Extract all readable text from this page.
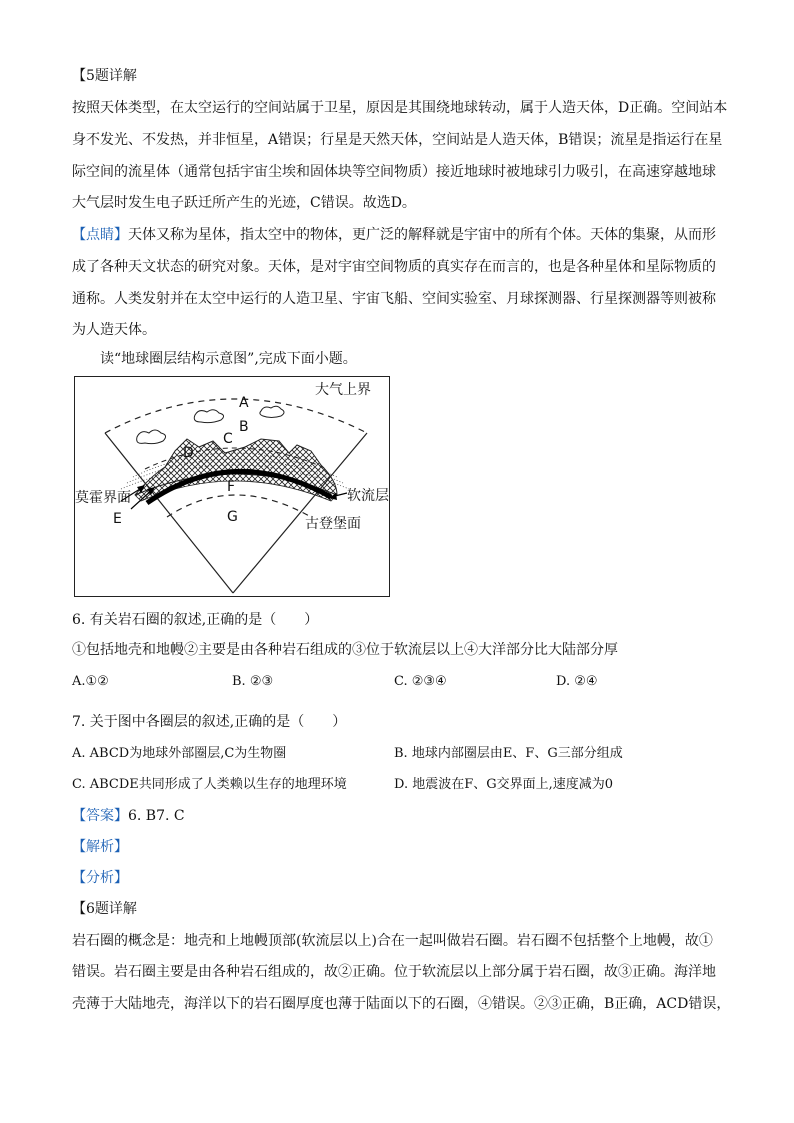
【5题详解
按照天体类型，在太空运行的空间站属于卫星，原因是其围绕地球转动，属于人造天体，D正确。空间站本
身不发光、不发热，并非恒星，A错误；行星是天然天体，空间站是人造天体，B错误；流星是指运行在星
际空间的流星体（通常包括宇宙尘埃和固体块等空间物质）接近地球时被地球引力吸引，在高速穿越地球
大气层时发生电子跃迁所产生的光迹，C错误。故选D。
【点睛】天体又称为星体，指太空中的物体，更广泛的解释就是宇宙中的所有个体。天体的集聚，从而形
成了各种天文状态的研究对象。天体，是对宇宙空间物质的真实存在而言的，也是各种星体和星际物质的
通称。人类发射并在太空中运行的人造卫星、宇宙飞船、空间实验室、月球探测器、行星探测器等则被称
为人造天体。
读“地球圈层结构示意图”,完成下面小题。
大气上界
A
B
C
D
莫霍界面
E
F
G
软流层
古登堡面
6. 有关岩石圈的叙述,正确的是（　　）
①包括地壳和地幔②主要是由各种岩石组成的③位于软流层以上④大洋部分比大陆部分厚
A.①②	B. ②③	C. ②③④	D. ②④
7. 关于图中各圈层的叙述,正确的是（　　）
A. ABCD为地球外部圈层,C为生物圈	B. 地球内部圈层由E、F、G三部分组成
C. ABCDE共同形成了人类赖以生存的地理环境	D. 地震波在F、G交界面上,速度减为0
【答案】6. B7. C
【解析】
【分析】
【6题详解
岩石圈的概念是：地壳和上地幔顶部(软流层以上)合在一起叫做岩石圈。岩石圈不包括整个上地幔，故①
错误。岩石圈主要是由各种岩石组成的，故②正确。位于软流层以上部分属于岩石圈，故③正确。海洋地
壳薄于大陆地壳，海洋以下的岩石圈厚度也薄于陆面以下的石圈，④错误。②③正确，B正确，ACD错误，
